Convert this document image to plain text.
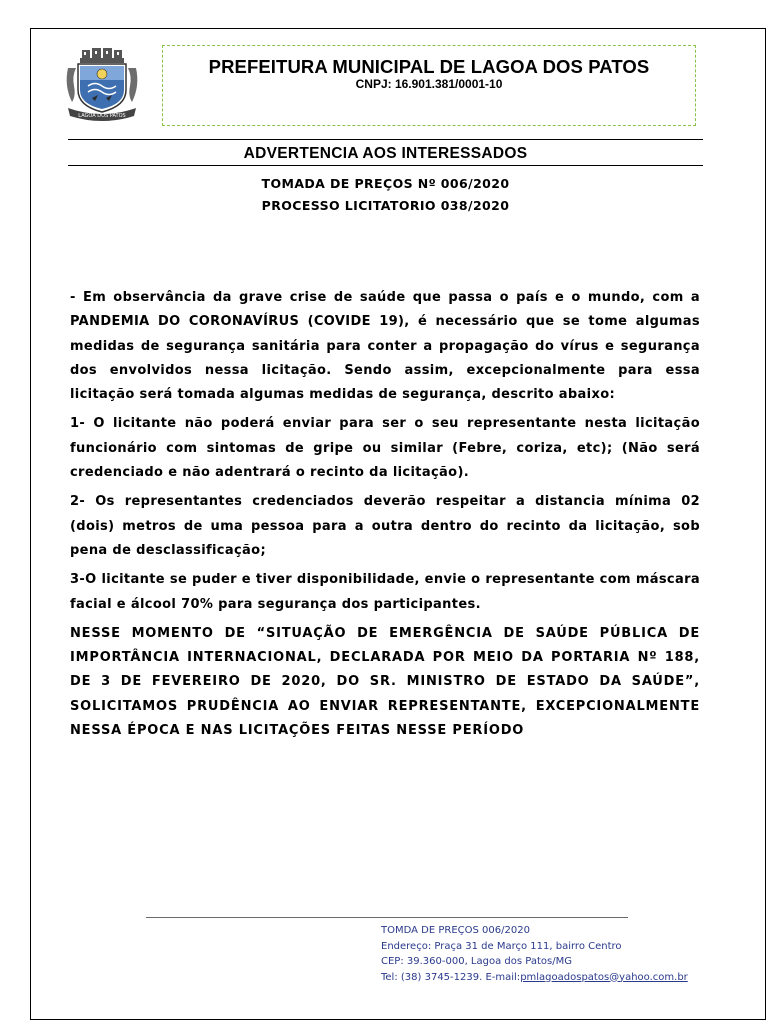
LAGOA DOS PATOS
PREFEITURA MUNICIPAL DE LAGOA DOS PATOS
CNPJ: 16.901.381/0001-10
ADVERTENCIA AOS INTERESSADOS
TOMADA DE PREÇOS Nº 006/2020
PROCESSO LICITATORIO 038/2020

- Em observância da grave crise de saúde que passa o país e o mundo, com a PANDEMIA DO CORONAVÍRUS (COVIDE 19), é necessário que se tome algumas medidas de segurança sanitária para conter a propagação do vírus e segurança dos envolvidos nessa licitação. Sendo assim, excepcionalmente para essa licitação será tomada algumas medidas de segurança, descrito abaixo:

1- O licitante não poderá enviar para ser o seu representante nesta licitação funcionário com sintomas de gripe ou similar (Febre, coriza, etc); (Não será credenciado e não adentrará o recinto da licitação).

2- Os representantes credenciados deverão respeitar a distancia mínima 02 (dois) metros de uma pessoa para a outra dentro do recinto da licitação, sob pena de desclassificação;

3-O licitante se puder e tiver disponibilidade, envie o representante com máscara facial e álcool 70% para segurança dos participantes.

NESSE MOMENTO DE “SITUAÇÃO DE EMERGÊNCIA DE SAÚDE PÚBLICA DE IMPORTÂNCIA INTERNACIONAL, DECLARADA POR MEIO DA PORTARIA Nº 188, DE 3 DE FEVEREIRO DE 2020, DO SR. MINISTRO DE ESTADO DA SAÚDE”, SOLICITAMOS PRUDÊNCIA AO ENVIAR REPRESENTANTE, EXCEPCIONALMENTE NESSA ÉPOCA E NAS LICITAÇÕES FEITAS NESSE PERÍODO

TOMDA DE PREÇOS 006/2020
Endereço: Praça 31 de Março 111, bairro Centro
CEP: 39.360-000, Lagoa dos Patos/MG
Tel: (38) 3745-1239. E-mail:pmlagoadospatos@yahoo.com.br
